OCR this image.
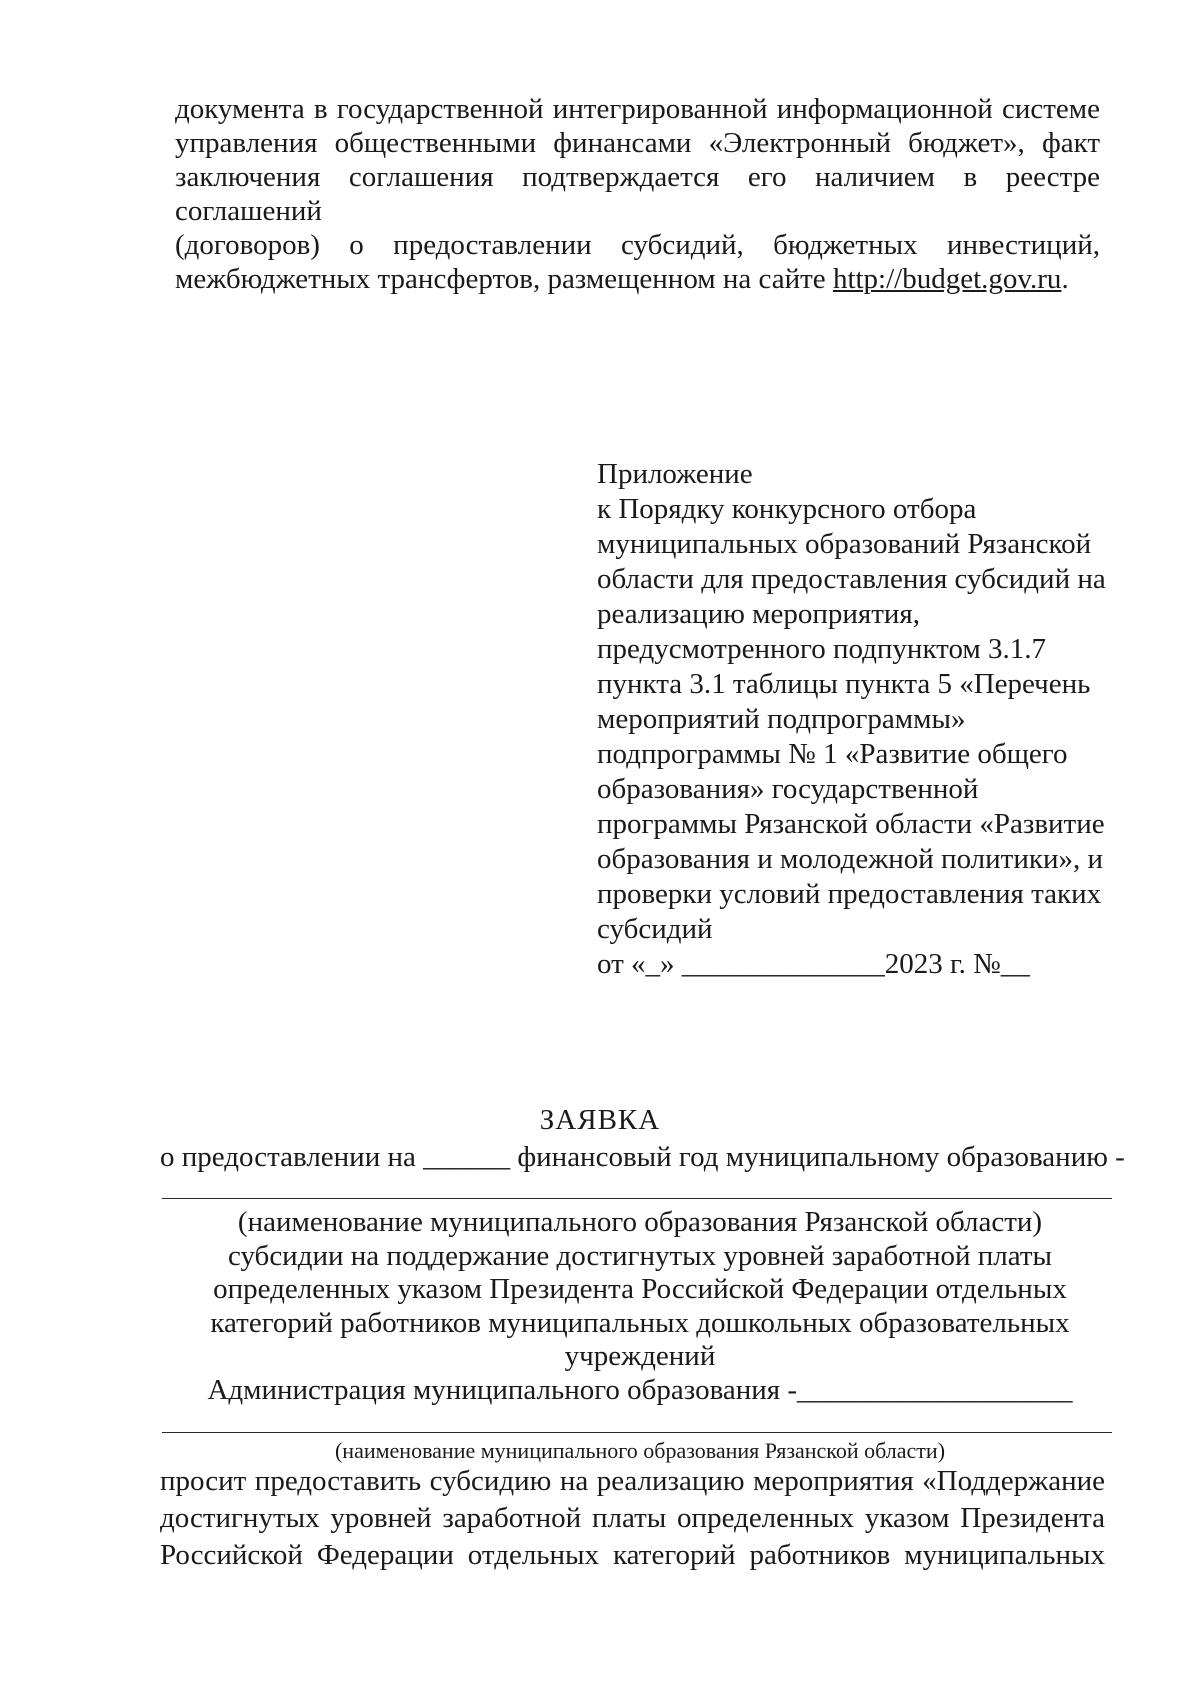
документа в государственной интегрированной информационной системе
управления общественными финансами «Электронный бюджет», факт
заключения соглашения подтверждается его наличием в реестре соглашений
(договоров) о предоставлении субсидий, бюджетных инвестиций,
межбюджетных трансфертов, размещенном на сайте http://budget.gov.ru.
Приложение
к Порядку конкурсного отбора
муниципальных образований Рязанской
области для предоставления субсидий на
реализацию мероприятия,
предусмотренного подпунктом 3.1.7
пункта 3.1 таблицы пункта 5 «Перечень
мероприятий подпрограммы»
подпрограммы № 1 «Развитие общего
образования» государственной
программы Рязанской области «Развитие
образования и молодежной политики», и
проверки условий предоставления таких
субсидий
от «_» ______________2023 г. №__
ЗАЯВКА
о предоставлении на ______ финансовый год муниципальному образованию -
(наименование муниципального образования Рязанской области)
субсидии на поддержание достигнутых уровней заработной платы
определенных указом Президента Российской Федерации отдельных
категорий работников муниципальных дошкольных образовательных
учреждений
Администрация муниципального образования -___________________
(наименование муниципального образования Рязанской области)
просит предоставить субсидию на реализацию мероприятия «Поддержание
достигнутых уровней заработной платы определенных указом Президента
Российской Федерации отдельных категорий работников муниципальных
